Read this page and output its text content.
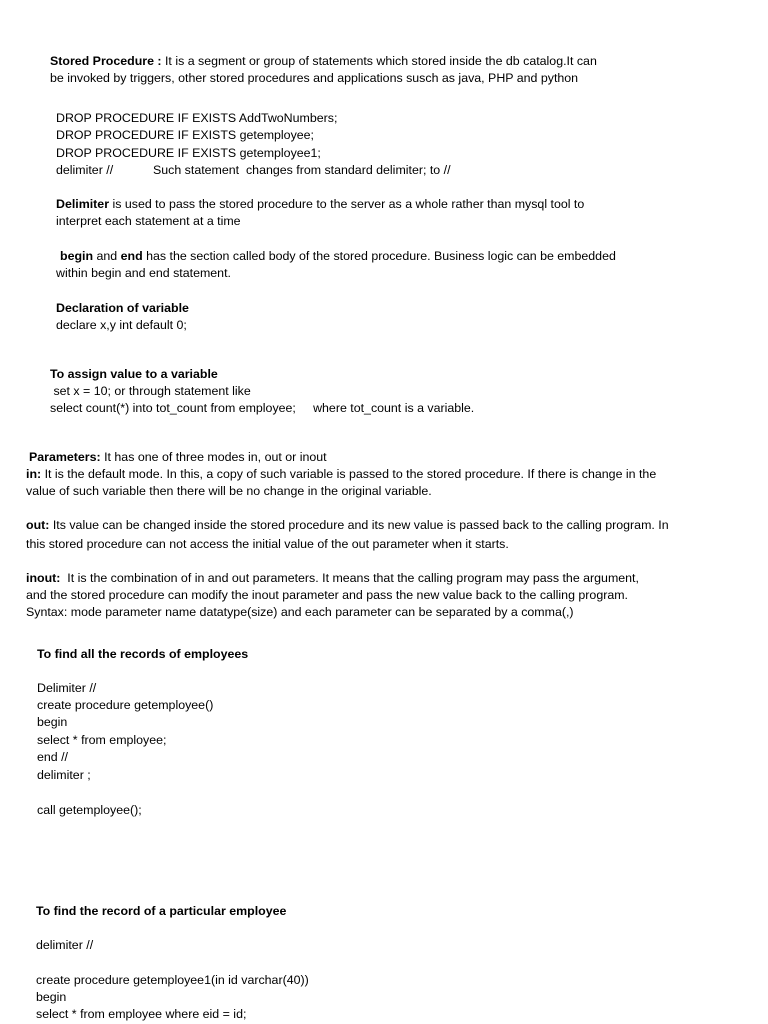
Stored Procedure : It is a segment or group of statements which stored inside the db catalog.It can

be invoked by triggers, other stored procedures and applications susch as java, PHP and python

DROP PROCEDURE IF EXISTS AddTwoNumbers;

DROP PROCEDURE IF EXISTS getemployee;

DROP PROCEDURE IF EXISTS getemployee1;

delimiter //	Such statement  changes from standard delimiter; to //

Delimiter is used to pass the stored procedure to the server as a whole rather than mysql tool to

interpret each statement at a time

begin and end has the section called body of the stored procedure. Business logic can be embedded

within begin and end statement.

Declaration of variable

declare x,y int default 0;

To assign value to a variable

set x = 10; or through statement like

select count(*) into tot_count from employee;     where tot_count is a variable.

Parameters: It has one of three modes in, out or inout

in: It is the default mode. In this, a copy of such variable is passed to the stored procedure. If there is change in the

value of such variable then there will be no change in the original variable.

out: Its value can be changed inside the stored procedure and its new value is passed back to the calling program. In

this stored procedure can not access the initial value of the out parameter when it starts.

inout:  It is the combination of in and out parameters. It means that the calling program may pass the argument,

and the stored procedure can modify the inout parameter and pass the new value back to the calling program.

Syntax: mode parameter name datatype(size) and each parameter can be separated by a comma(,)

To find all the records of employees

Delimiter //

create procedure getemployee()

begin

select * from employee;

end //

delimiter ;

call getemployee();

To find the record of a particular employee

delimiter //

create procedure getemployee1(in id varchar(40))

begin

select * from employee where eid = id;
